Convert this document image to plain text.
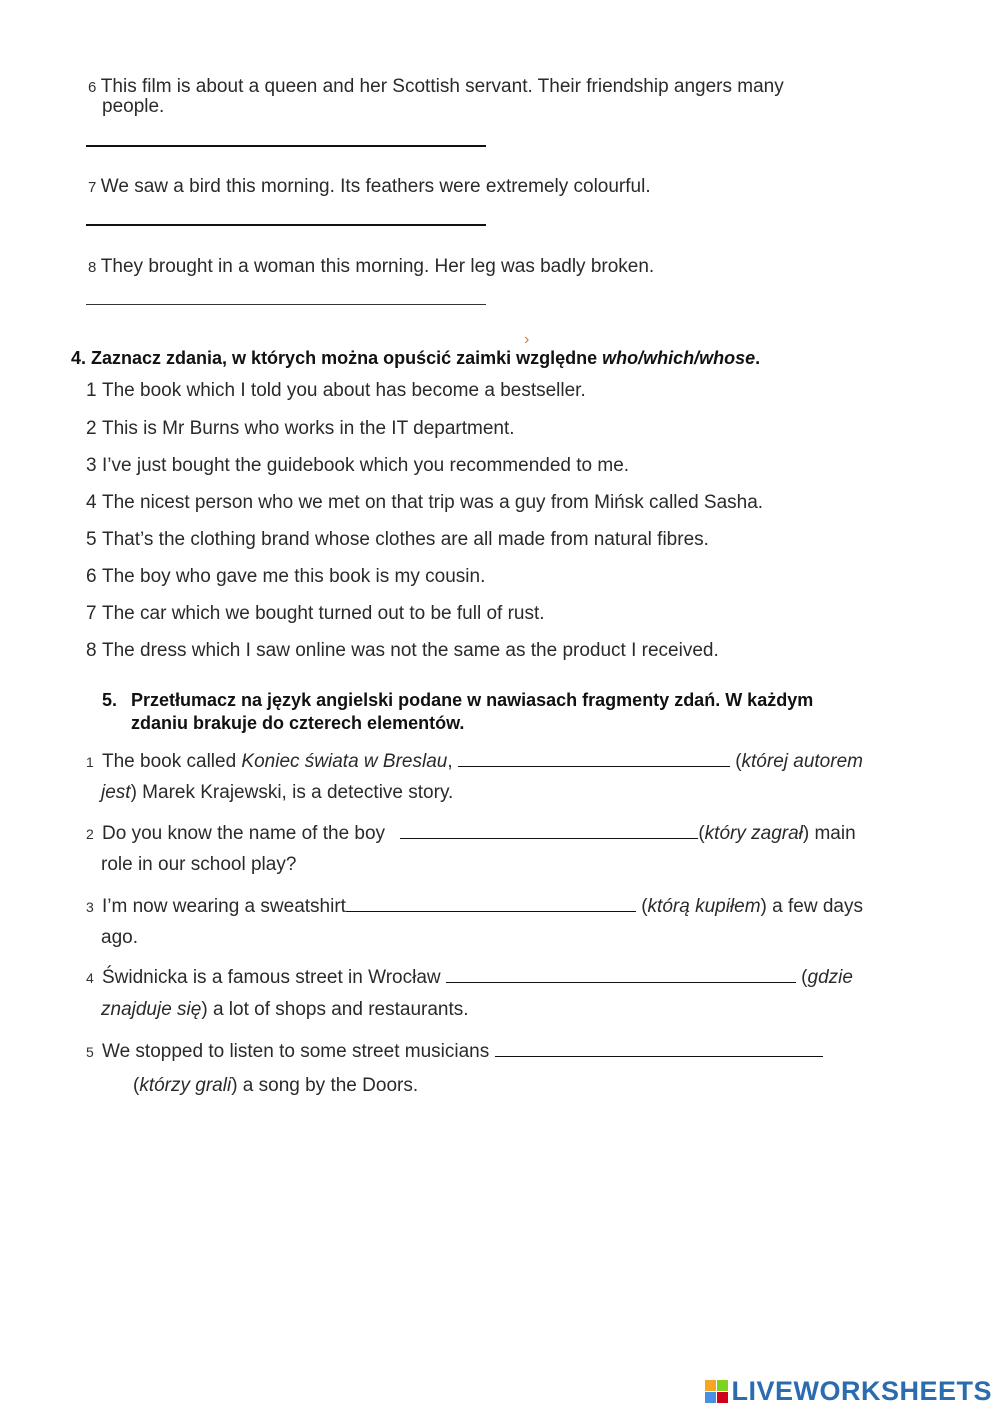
6 This film is about a queen and her Scottish servant. Their friendship angers many
people.
7 We saw a bird this morning. Its feathers were extremely colourful.
8 They brought in a woman this morning. Her leg was badly broken.
›
4. Zaznacz zdania, w których można opuścić zaimki względne who/which/whose.
1 The book which I told you about has become a bestseller.
2 This is Mr Burns who works in the IT department.
3 I’ve just bought the guidebook which you recommended to me.
4 The nicest person who we met on that trip was a guy from Mińsk called Sasha.
5 That’s the clothing brand whose clothes are all made from natural fibres.
6 The boy who gave me this book is my cousin.
7 The car which we bought turned out to be full of rust.
8 The dress which I saw online was not the same as the product I received.
5. Przetłumacz na język angielski podane w nawiasach fragmenty zdań. W każdym
zdaniu brakuje do czterech elementów.
1 The book called Koniec świata w Breslau,	(której autorem
jest) Marek Krajewski, is a detective story.
2 Do you know the name of the boy	(który zagrał) main
role in our school play?
3 I’m now wearing a sweatshirt	(którą kupiłem) a few days
ago.
4 Świdnicka is a famous street in Wrocław	(gdzie
znajduje się) a lot of shops and restaurants.
5 We stopped to listen to some street musicians
(którzy grali) a song by the Doors.
LIVEWORKSHEETS
